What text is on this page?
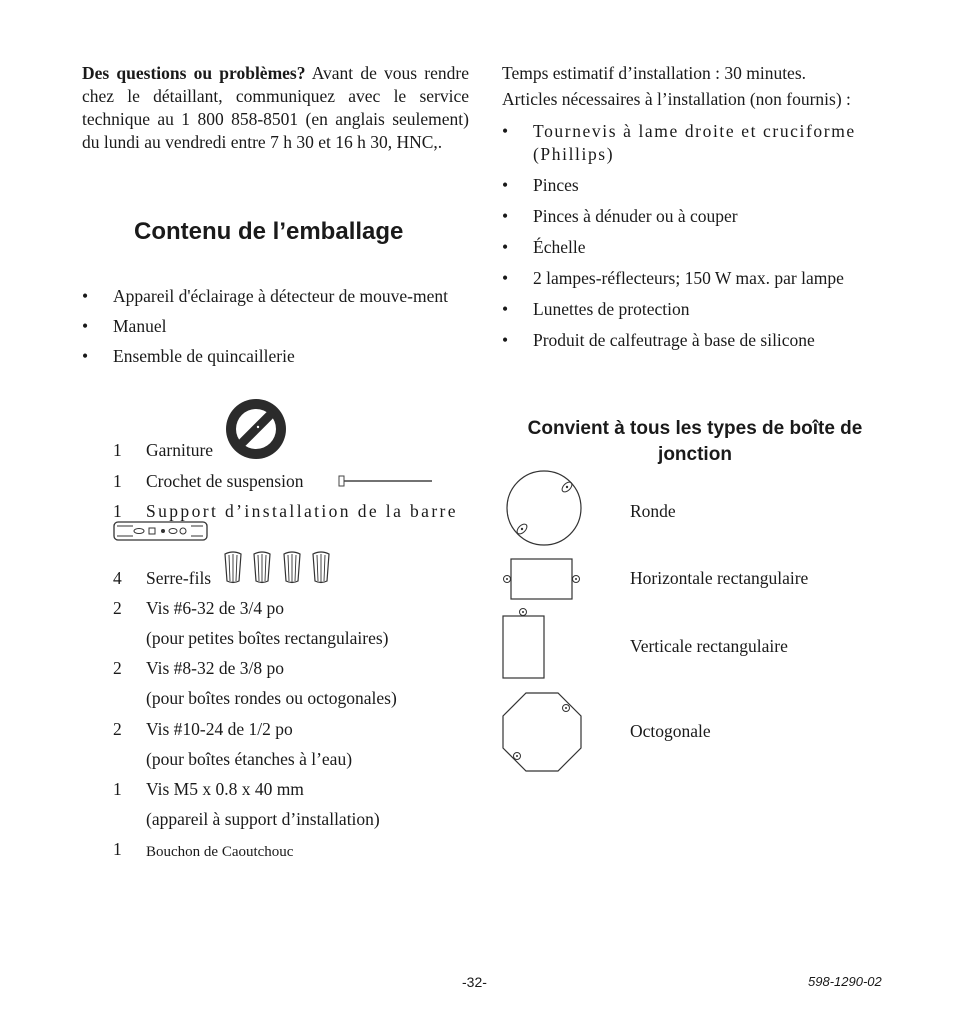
Des questions ou problèmes? Avant de vous rendre chez le détaillant, communiquez avec le service technique au 1 800 858-8501 (en anglais seulement) du lundi au vendredi entre 7 h 30 et 16 h 30, HNC,.

Contenu de l’emballage
• Appareil d'éclairage à détecteur de mouve-ment
• Manuel
• Ensemble de quincaillerie
1 Garniture
1 Crochet de suspension
1 Support d’installation de la barre
4 Serre-fils
2 Vis #6-32 de 3/4 po
(pour petites boîtes rectangulaires)
2 Vis #8-32 de 3/8 po
(pour boîtes rondes ou octogonales)
2 Vis #10-24 de 1/2 po
(pour boîtes étanches à l’eau)
1 Vis M5 x 0.8 x 40 mm
(appareil à support d’installation)
1 Bouchon de Caoutchouc

Temps estimatif d’installation : 30 minutes.

Articles nécessaires à l’installation (non fournis) :

• Tournevis à lame droite et cruciforme (Phillips)
• Pinces
• Pinces à dénuder ou à couper
• Échelle
• 2 lampes-réflecteurs; 150 W max. par lampe
• Lunettes de protection
• Produit de calfeutrage à base de silicone
Convient à tous les types de boîte de jonction
Ronde
Horizontale rectangulaire
Verticale rectangulaire
Octogonale
-32-	598-1290-02
